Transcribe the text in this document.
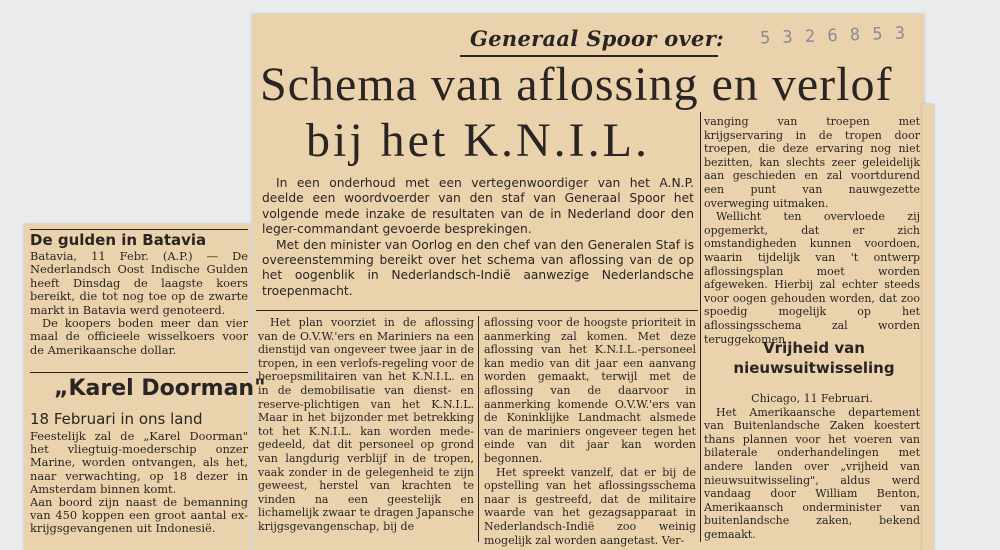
5 3 2 6 8 5 3
Generaal Spoor over:
Schema van aflossing en verlof
bij het K.N.I.L.

In een onderhoud met een vertegenwoordiger van het A.N.P. deelde een woordvoerder van den staf van Generaal Spoor het volgende mede inzake de resultaten van de in Nederland door den leger-commandant gevoerde besprekingen.

Met den minister van Oorlog en den chef van den Generalen Staf is overeenstemming bereikt over het schema van aflossing van de op het oogenblik in Nederlandsch-Indië aanwezige Nederlandsche troepenmacht.

Het plan voorziet in de aflossing van de O.V.W.'ers en Mariniers na een dienstijd van ongeveer twee jaar in de tropen, in een verlofs-regeling voor de beroepsmilitairen van het K.N.I.L. en in de demobilisatie van dienst- en reserve-plichtigen van het K.N.I.L. Maar in het bijzonder met betrekking tot het K.N.I.L. kan worden mede-gedeeld, dat dit personeel op grond van langdurig verblijf in de tropen, vaak zonder in de gelegenheid te zijn geweest, herstel van krachten te vinden na een geestelijk en lichamelijk zwaar te dragen Japansche krijgsgevangenschap, bij de

aflossing voor de hoogste prioriteit in aanmerking zal komen. Met deze aflossing van het K.N.I.L.-personeel kan medio van dit jaar een aanvang worden gemaakt, terwijl met de aflossing van de daarvoor in aanmerking komende O.V.W.'ers van de Koninklijke Landmacht alsmede van de mariniers ongeveer tegen het einde van dit jaar kan worden begonnen.

Het spreekt vanzelf, dat er bij de opstelling van het aflossingsschema naar is gestreefd, dat de militaire waarde van het gezagsapparaat in Nederlandsch-Indië zoo weinig mogelijk zal worden aangetast. Ver-

vanging van troepen met krijgservaring in de tropen door troepen, die deze ervaring nog niet bezitten, kan slechts zeer geleidelijk aan geschieden en zal voortdurend een punt van nauwgezette overweging uitmaken.

Wellicht ten overvloede zij opgemerkt, dat er zich omstandigheden kunnen voordoen, waarin tijdelijk van 't ontwerp aflossingsplan moet worden afgeweken. Hierbij zal echter steeds voor oogen gehouden worden, dat zoo spoedig mogelijk op het aflossingsschema zal worden teruggekomen

Vrijheid van nieuwsuitwisseling

Chicago, 11 Februari.

Het Amerikaansche departement van Buitenlandsche Zaken koestert thans plannen voor het voeren van bilaterale onderhandelingen met andere landen over „vrijheid van nieuwsuitwisseling", aldus werd vandaag door William Benton, Amerikaansch onderminister van buitenlandsche zaken, bekend gemaakt.

De gulden in Batavia

Batavia, 11 Febr. (A.P.) — De Nederlandsch Oost Indische Gulden heeft Dinsdag de laagste koers bereikt, die tot nog toe op de zwarte markt in Batavia werd genoteerd.

De koopers boden meer dan vier maal de officieele wisselkoers voor de Amerikaansche dollar.

„Karel Doorman"
18 Februari in ons land

Feestelijk zal de „Karel Doorman" het vliegtuig-moederschip onzer Marine, worden ontvangen, als het, naar verwachting, op 18 dezer in Amsterdam binnen komt.

Aan boord zijn naast de bemanning van 450 koppen een groot aantal ex-krijgsgevangenen uit Indonesië.
